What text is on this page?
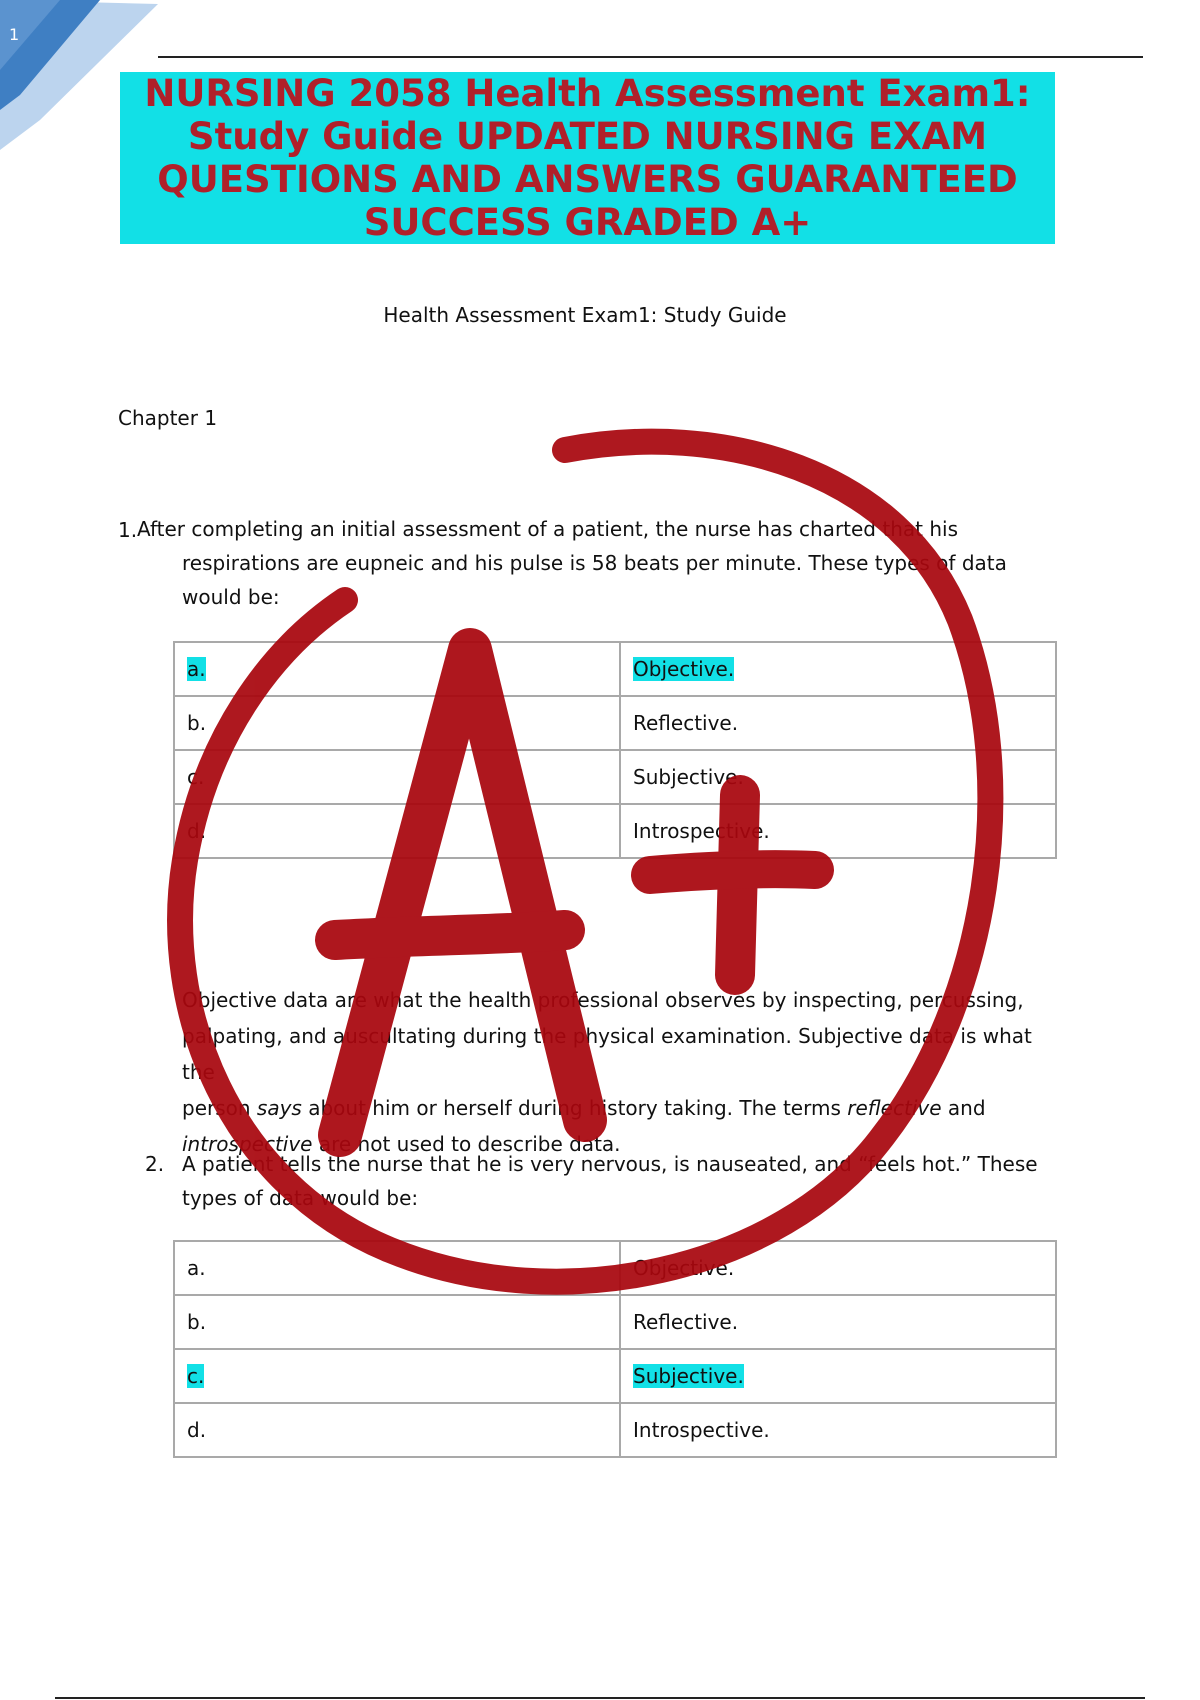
1
NURSING 2058 Health Assessment Exam1:
Study Guide UPDATED NURSING EXAM
QUESTIONS AND ANSWERS GUARANTEED
SUCCESS GRADED A+
Health Assessment Exam1: Study Guide
Chapter 1
1. After completing an initial assessment of a patient, the nurse has charted that his
respirations are eupneic and his pulse is 58 beats per minute. These types of data
would be:
a.	Objective.
b.	Reflective.
c.	Subjective.
d.	Introspective.
Objective data are what the health professional observes by inspecting, percussing,
palpating, and auscultating during the physical examination. Subjective data is what the
person says about him or herself during history taking. The terms reflective and
introspective are not used to describe data.
2. A patient tells the nurse that he is very nervous, is nauseated, and “feels hot.” These
types of data would be:
a.	Objective.
b.	Reflective.
c.	Subjective.
d.	Introspective.
